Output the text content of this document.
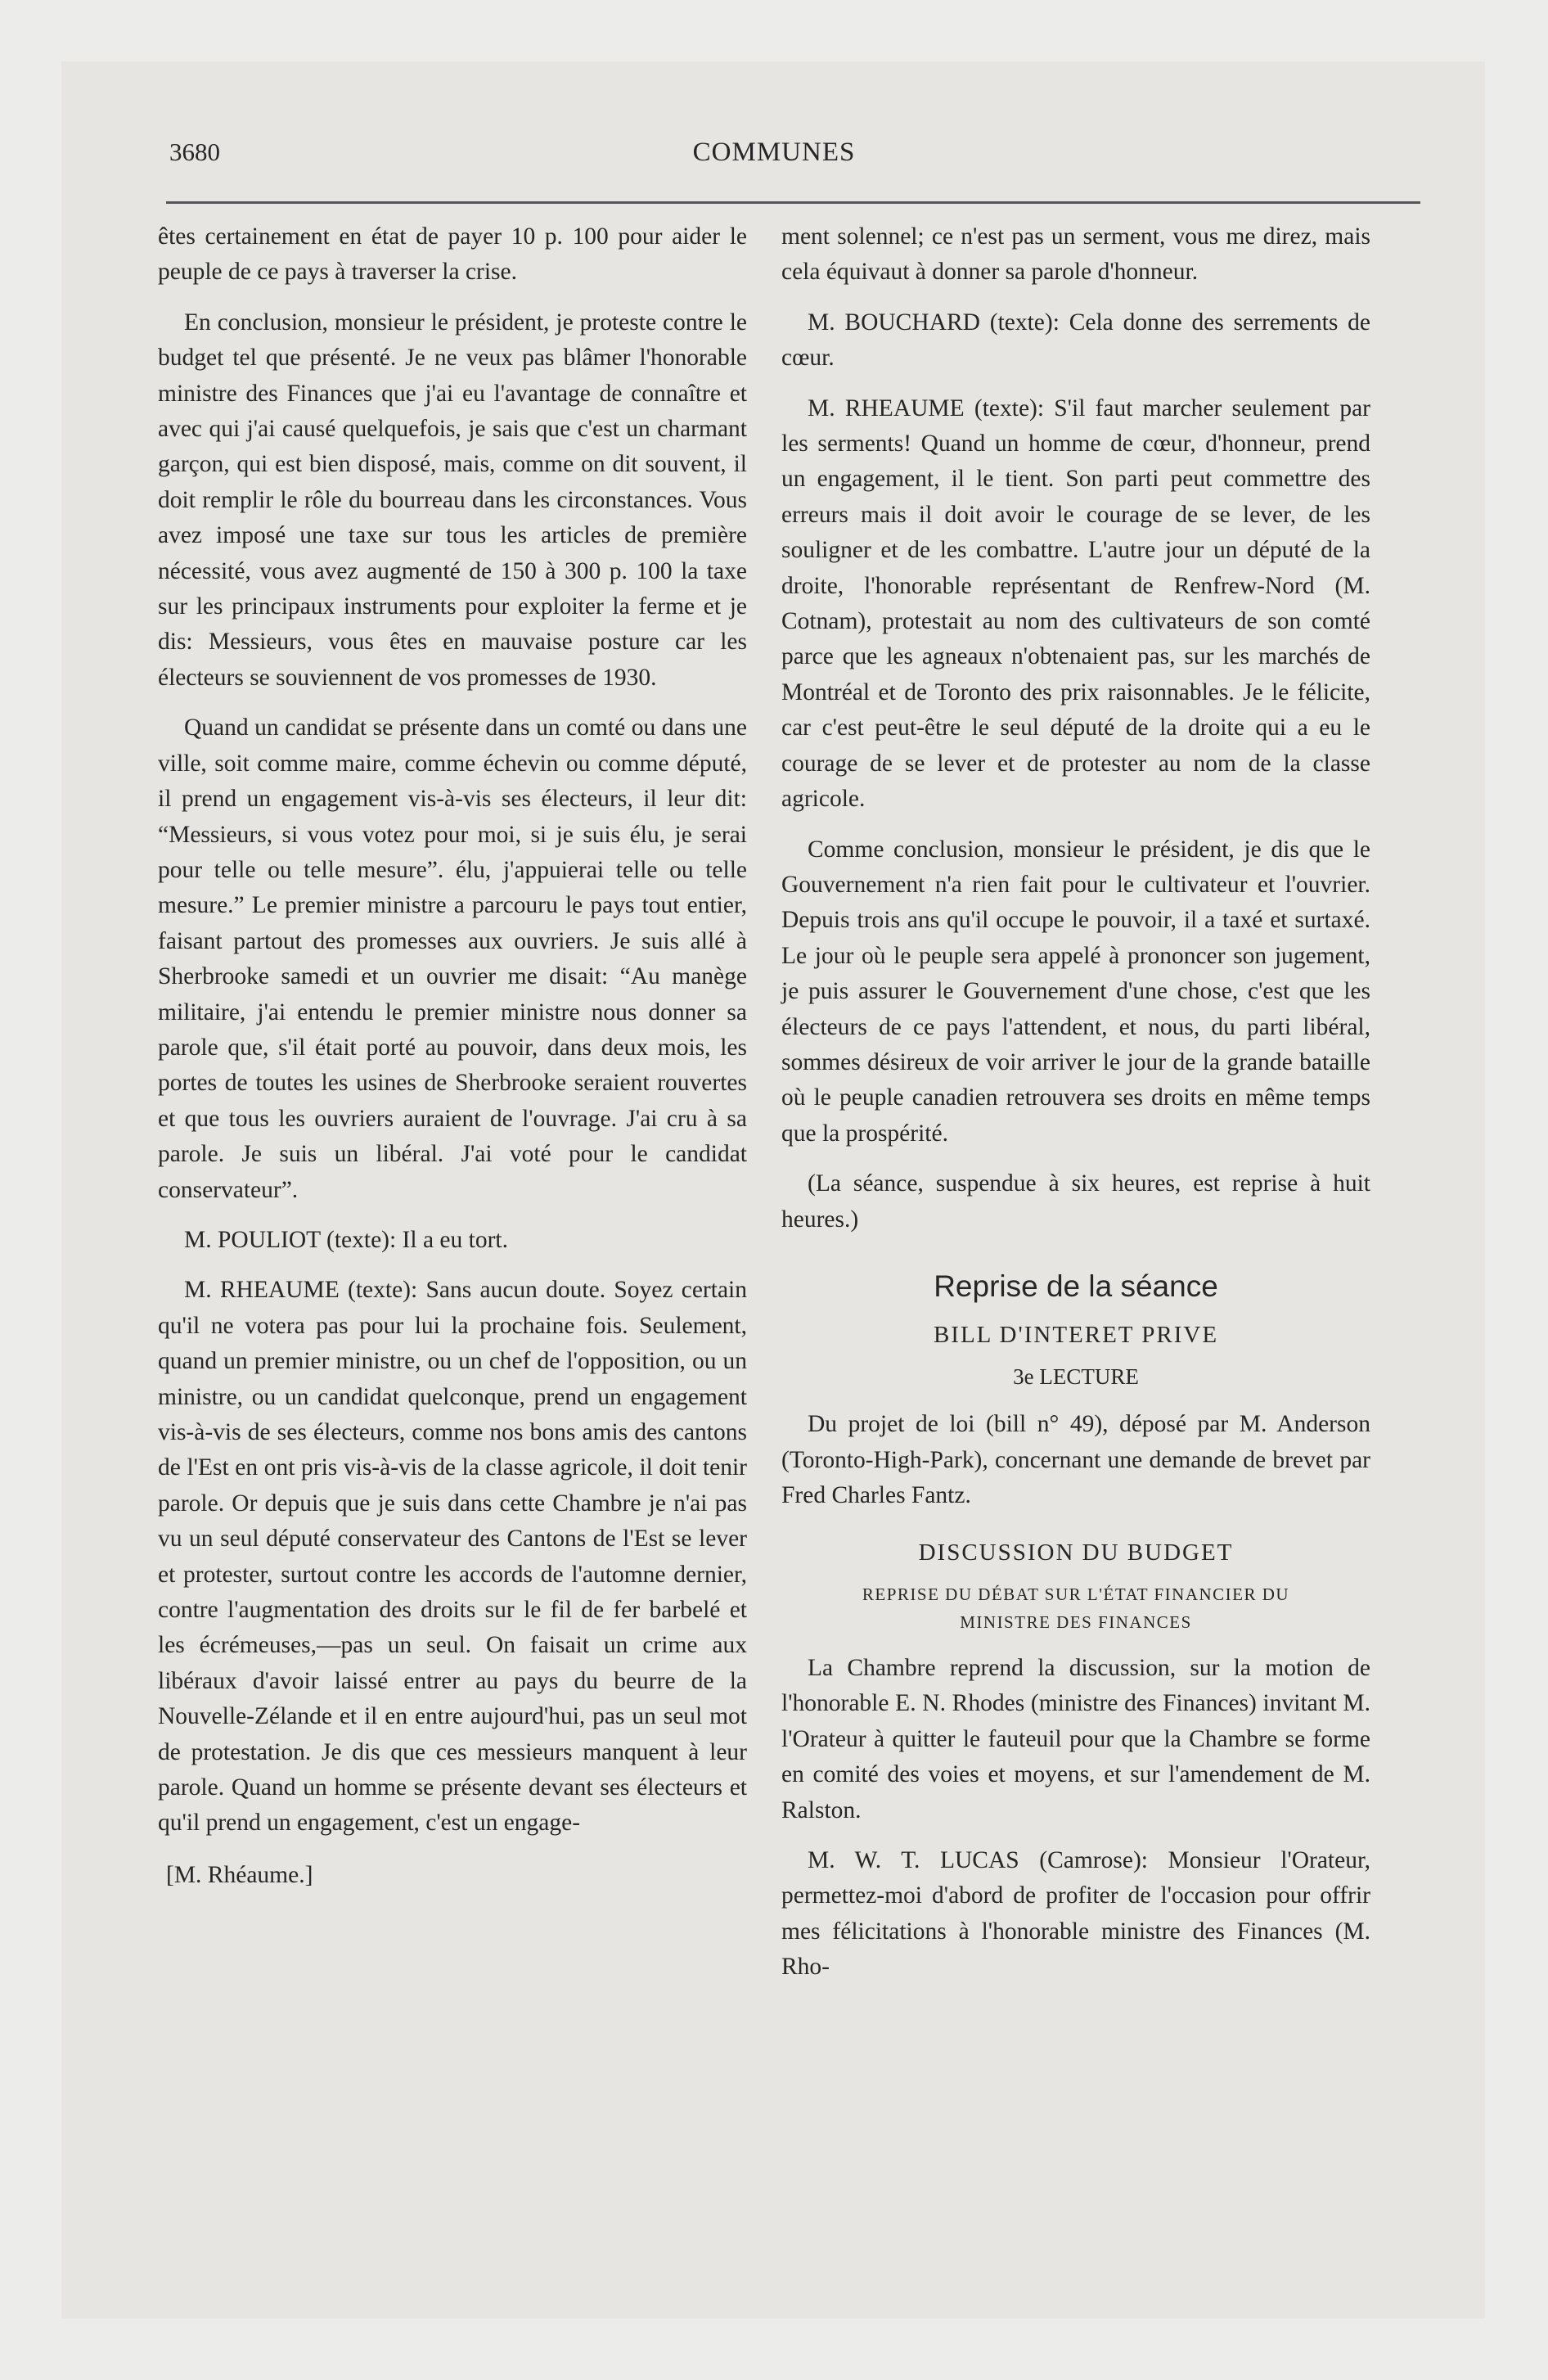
3680	COMMUNES

êtes certainement en état de payer 10 p. 100 pour aider le peuple de ce pays à traverser la crise.

En conclusion, monsieur le président, je proteste contre le budget tel que présenté. Je ne veux pas blâmer l'honorable ministre des Finances que j'ai eu l'avantage de connaître et avec qui j'ai causé quelquefois, je sais que c'est un charmant garçon, qui est bien disposé, mais, comme on dit souvent, il doit remplir le rôle du bourreau dans les circonstances. Vous avez imposé une taxe sur tous les articles de première nécessité, vous avez augmenté de 150 à 300 p. 100 la taxe sur les principaux instruments pour exploiter la ferme et je dis: Messieurs, vous êtes en mauvaise posture car les électeurs se souviennent de vos promesses de 1930.

Quand un candidat se présente dans un comté ou dans une ville, soit comme maire, comme échevin ou comme député, il prend un engagement vis-à-vis ses électeurs, il leur dit: “Messieurs, si vous votez pour moi, si je suis élu, je serai pour telle ou telle mesure”. élu, j'appuierai telle ou telle mesure.” Le premier ministre a parcouru le pays tout entier, faisant partout des promesses aux ouvriers. Je suis allé à Sherbrooke samedi et un ouvrier me disait: “Au manège militaire, j'ai entendu le premier ministre nous donner sa parole que, s'il était porté au pouvoir, dans deux mois, les portes de toutes les usines de Sherbrooke seraient rouvertes et que tous les ouvriers auraient de l'ouvrage. J'ai cru à sa parole. Je suis un libéral. J'ai voté pour le candidat conservateur”.

M. POULIOT (texte): Il a eu tort.

M. RHEAUME (texte): Sans aucun doute. Soyez certain qu'il ne votera pas pour lui la prochaine fois. Seulement, quand un premier ministre, ou un chef de l'opposition, ou un ministre, ou un candidat quelconque, prend un engagement vis-à-vis de ses électeurs, comme nos bons amis des cantons de l'Est en ont pris vis-à-vis de la classe agricole, il doit tenir parole. Or depuis que je suis dans cette Chambre je n'ai pas vu un seul député conservateur des Cantons de l'Est se lever et protester, surtout contre les accords de l'automne dernier, contre l'augmentation des droits sur le fil de fer barbelé et les écrémeuses,—pas un seul. On faisait un crime aux libéraux d'avoir laissé entrer au pays du beurre de la Nouvelle-Zélande et il en entre aujourd'hui, pas un seul mot de protestation. Je dis que ces messieurs manquent à leur parole. Quand un homme se présente devant ses électeurs et qu'il prend un engagement, c'est un engage-

[M. Rhéaume.]

ment solennel; ce n'est pas un serment, vous me direz, mais cela équivaut à donner sa parole d'honneur.

M. BOUCHARD (texte): Cela donne des serrements de cœur.

M. RHEAUME (texte): S'il faut marcher seulement par les serments! Quand un homme de cœur, d'honneur, prend un engagement, il le tient. Son parti peut commettre des erreurs mais il doit avoir le courage de se lever, de les souligner et de les combattre. L'autre jour un député de la droite, l'honorable représentant de Renfrew-Nord (M. Cotnam), protestait au nom des cultivateurs de son comté parce que les agneaux n'obtenaient pas, sur les marchés de Montréal et de Toronto des prix raisonnables. Je le félicite, car c'est peut-être le seul député de la droite qui a eu le courage de se lever et de protester au nom de la classe agricole.

Comme conclusion, monsieur le président, je dis que le Gouvernement n'a rien fait pour le cultivateur et l'ouvrier. Depuis trois ans qu'il occupe le pouvoir, il a taxé et surtaxé. Le jour où le peuple sera appelé à prononcer son jugement, je puis assurer le Gouvernement d'une chose, c'est que les électeurs de ce pays l'attendent, et nous, du parti libéral, sommes désireux de voir arriver le jour de la grande bataille où le peuple canadien retrouvera ses droits en même temps que la prospérité.

(La séance, suspendue à six heures, est reprise à huit heures.)

Reprise de la séance

BILL D'INTERET PRIVE

3e LECTURE

Du projet de loi (bill n° 49), déposé par M. Anderson (Toronto-High-Park), concernant une demande de brevet par Fred Charles Fantz.

DISCUSSION DU BUDGET

REPRISE DU DÉBAT SUR L'ÉTAT FINANCIER DU
MINISTRE DES FINANCES

La Chambre reprend la discussion, sur la motion de l'honorable E. N. Rhodes (ministre des Finances) invitant M. l'Orateur à quitter le fauteuil pour que la Chambre se forme en comité des voies et moyens, et sur l'amendement de M. Ralston.

M. W. T. LUCAS (Camrose): Monsieur l'Orateur, permettez-moi d'abord de profiter de l'occasion pour offrir mes félicitations à l'honorable ministre des Finances (M. Rho-
